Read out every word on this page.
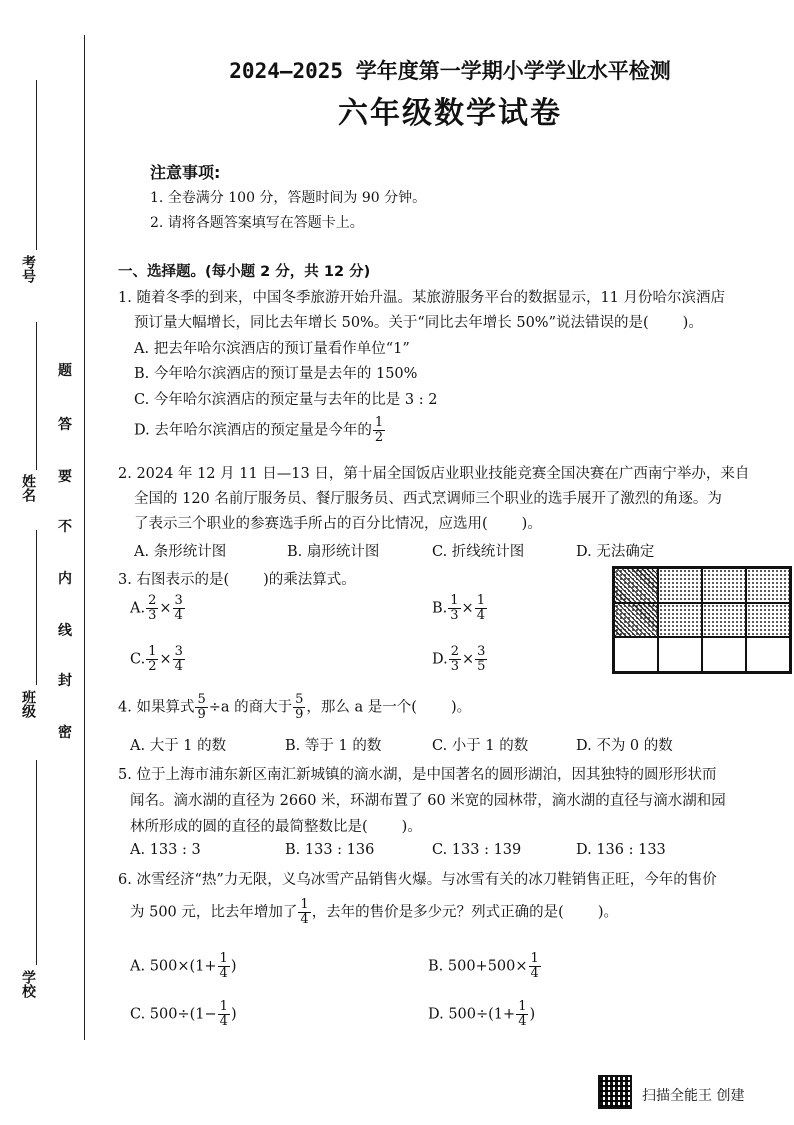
考号
姓名
班级
学校
题
答
要
不
内
线
封
密
2024—2025 学年度第一学期小学学业水平检测
六年级数学试卷
注意事项:
1. 全卷满分 100 分，答题时间为 90 分钟。
2. 请将各题答案填写在答题卡上。
一、选择题。(每小题 2 分，共 12 分)
1. 随着冬季的到来，中国冬季旅游开始升温。某旅游服务平台的数据显示，11 月份哈尔滨酒店
预订量大幅增长，同比去年增长 50%。关于“同比去年增长 50%”说法错误的是( )。
A. 把去年哈尔滨酒店的预订量看作单位“1”
B. 今年哈尔滨酒店的预订量是去年的 150%
C. 今年哈尔滨酒店的预定量与去年的比是 3 : 2
D. 去年哈尔滨酒店的预定量是今年的 $\frac{1}{2}$
2. 2024 年 12 月 11 日—13 日，第十届全国饭店业职业技能竞赛全国决赛在广西南宁举办，来自
全国的 120 名前厅服务员、餐厅服务员、西式烹调师三个职业的选手展开了激烈的角逐。为
了表示三个职业的参赛选手所占的百分比情况，应选用( )。
A. 条形统计图	B. 扇形统计图	C. 折线统计图	D. 无法确定
3. 右图表示的是( )的乘法算式。
A. $\frac{2}{3} \times \frac{3}{4}$	B. $\frac{1}{3} \times \frac{1}{4}$
C. $\frac{1}{2} \times \frac{3}{4}$	D. $\frac{2}{3} \times \frac{3}{5}$
4. 如果算式 $\frac{5}{9} \div a$ 的商大于 $\frac{5}{9}$ ，那么 a 是一个( )。
A. 大于 1 的数	B. 等于 1 的数	C. 小于 1 的数	D. 不为 0 的数
5. 位于上海市浦东新区南汇新城镇的滴水湖，是中国著名的圆形湖泊，因其独特的圆形形状而
闻名。滴水湖的直径为 2660 米，环湖布置了 60 米宽的园林带，滴水湖的直径与滴水湖和园
林所形成的圆的直径的最简整数比是( )。
A. 133 : 3	B. 133 : 136	C. 133 : 139	D. 136 : 133
6. 冰雪经济“热”力无限，义乌冰雪产品销售火爆。与冰雪有关的冰刀鞋销售正旺，今年的售价
为 500 元，比去年增加了 $\frac{1}{4}$ ，去年的售价是多少元？列式正确的是( )。
A. $500\times(1+ \frac{1}{4}$ )	B. $500+500\times \frac{1}{4}$
C. $500\div(1- \frac{1}{4}$ )	D. $500\div(1+ \frac{1}{4}$ )
扫描全能王 创建
